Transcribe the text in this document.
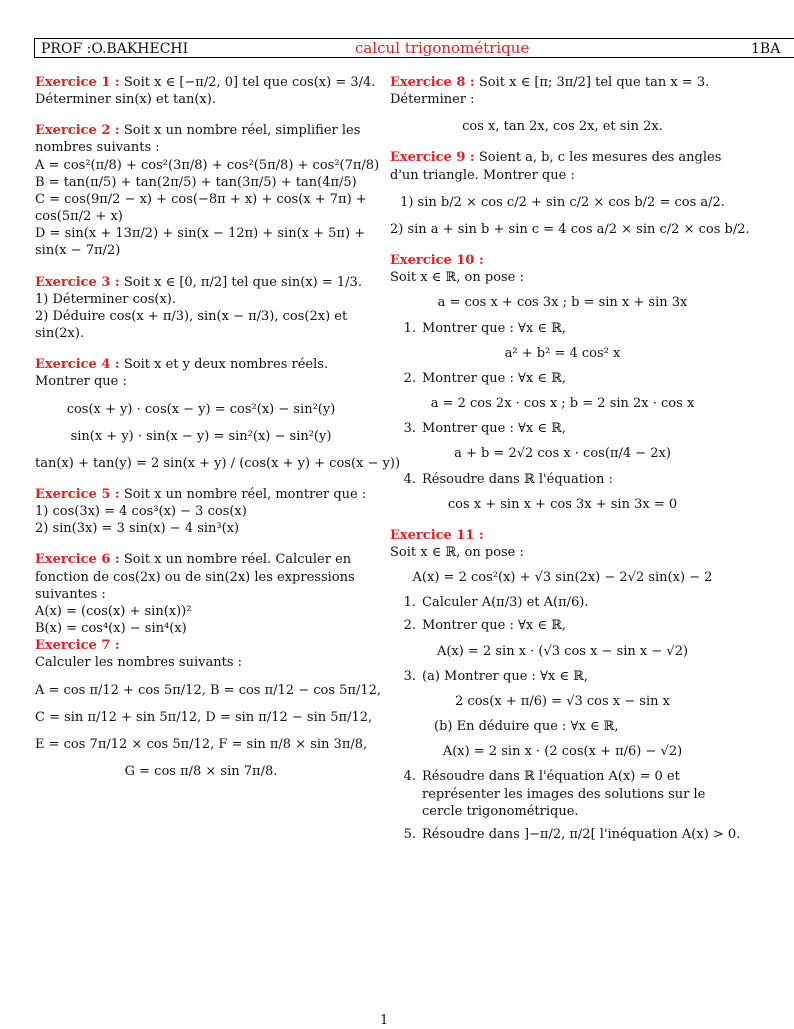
PROF :O.BAKHECHI	calcul trigonométrique	1BA
Exercice 1 : Soit x ∈ [−π/2, 0] tel que cos(x) = 3/4.
Déterminer sin(x) et tan(x).
Exercice 2 : Soit x un nombre réel, simplifier les
nombres suivants :
A = cos²(π/8) + cos²(3π/8) + cos²(5π/8) + cos²(7π/8)
B = tan(π/5) + tan(2π/5) + tan(3π/5) + tan(4π/5)
C = cos(9π/2 − x) + cos(−8π + x) + cos(x + 7π) +
cos(5π/2 + x)
D = sin(x + 13π/2) + sin(x − 12π) + sin(x + 5π) +
sin(x − 7π/2)
Exercice 3 : Soit x ∈ [0, π/2] tel que sin(x) = 1/3.
1) Déterminer cos(x).
2) Déduire cos(x + π/3), sin(x − π/3), cos(2x) et
sin(2x).
Exercice 4 : Soit x et y deux nombres réels.
Montrer que :
cos(x + y) · cos(x − y) = cos²(x) − sin²(y)
sin(x + y) · sin(x − y) = sin²(x) − sin²(y)
tan(x) + tan(y) = 2 sin(x + y) / (cos(x + y) + cos(x − y))
Exercice 5 : Soit x un nombre réel, montrer que :
1) cos(3x) = 4 cos³(x) − 3 cos(x)
2) sin(3x) = 3 sin(x) − 4 sin³(x)
Exercice 6 : Soit x un nombre réel. Calculer en
fonction de cos(2x) ou de sin(2x) les expressions
suivantes :
A(x) = (cos(x) + sin(x))²
B(x) = cos⁴(x) − sin⁴(x)
Exercice 7 :
Calculer les nombres suivants :
A = cos π/12 + cos 5π/12, B = cos π/12 − cos 5π/12,
C = sin π/12 + sin 5π/12, D = sin π/12 − sin 5π/12,
E = cos 7π/12 × cos 5π/12, F = sin π/8 × sin 3π/8,
G = cos π/8 × sin 7π/8.
Exercice 8 : Soit x ∈ [π; 3π/2] tel que tan x = 3.
Déterminer :
cos x, tan 2x, cos 2x, et sin 2x.
Exercice 9 : Soient a, b, c les mesures des angles
d'un triangle. Montrer que :
1) sin b/2 × cos c/2 + sin c/2 × cos b/2 = cos a/2.
2) sin a + sin b + sin c = 4 cos a/2 × sin c/2 × cos b/2.
Exercice 10 :
Soit x ∈ ℝ, on pose :
a = cos x + cos 3x ; b = sin x + sin 3x
1. Montrer que : ∀x ∈ ℝ,
a² + b² = 4 cos² x
2. Montrer que : ∀x ∈ ℝ,
a = 2 cos 2x · cos x ; b = 2 sin 2x · cos x
3. Montrer que : ∀x ∈ ℝ,
a + b = 2√2 cos x · cos(π/4 − 2x)
4. Résoudre dans ℝ l'équation :
cos x + sin x + cos 3x + sin 3x = 0
Exercice 11 :
Soit x ∈ ℝ, on pose :
A(x) = 2 cos²(x) + √3 sin(2x) − 2√2 sin(x) − 2
1. Calculer A(π/3) et A(π/6).
2. Montrer que : ∀x ∈ ℝ,
A(x) = 2 sin x · (√3 cos x − sin x − √2)
3. (a) Montrer que : ∀x ∈ ℝ,
2 cos(x + π/6) = √3 cos x − sin x
(b) En déduire que : ∀x ∈ ℝ,
A(x) = 2 sin x · (2 cos(x + π/6) − √2)
4. Résoudre dans ℝ l'équation A(x) = 0 et
représenter les images des solutions sur le
cercle trigonométrique.
5. Résoudre dans ]−π/2, π/2[ l'inéquation A(x) > 0.
1
